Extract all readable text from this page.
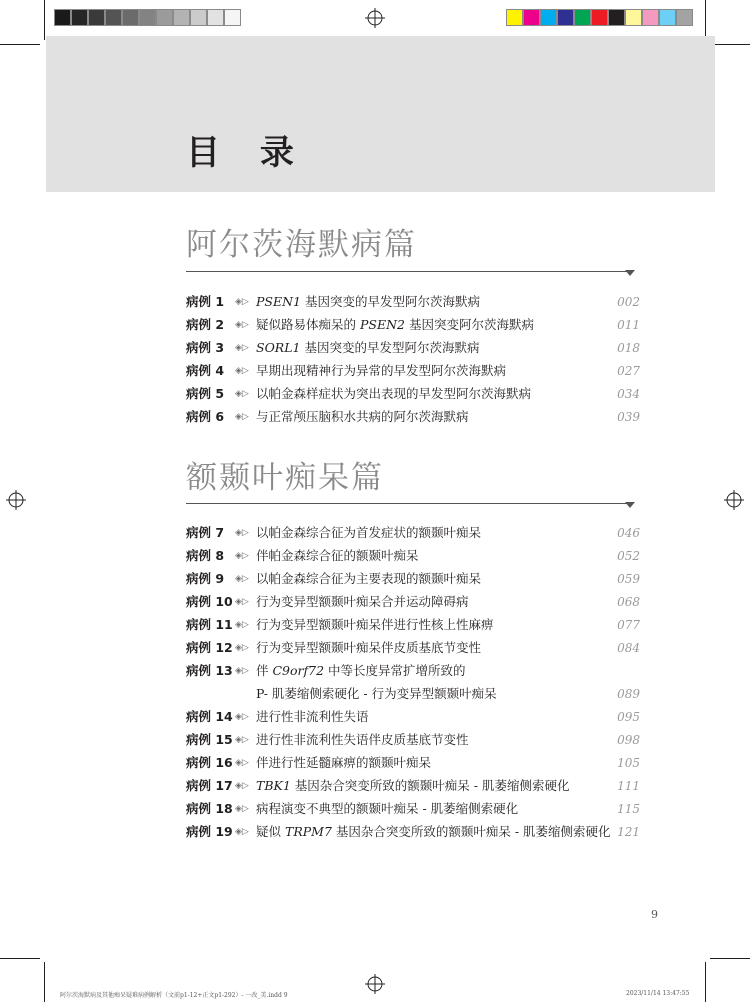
目 录
阿尔茨海默病篇
病例 1 ◈▷ PSEN1 基因突变的早发型阿尔茨海默病	002
病例 2 ◈▷ 疑似路易体痴呆的 PSEN2 基因突变阿尔茨海默病	011
病例 3 ◈▷ SORL1 基因突变的早发型阿尔茨海默病	018
病例 4 ◈▷ 早期出现精神行为异常的早发型阿尔茨海默病	027
病例 5 ◈▷ 以帕金森样症状为突出表现的早发型阿尔茨海默病	034
病例 6 ◈▷ 与正常颅压脑积水共病的阿尔茨海默病	039
额颞叶痴呆篇
病例 7 ◈▷ 以帕金森综合征为首发症状的额颞叶痴呆	046
病例 8 ◈▷ 伴帕金森综合征的额颞叶痴呆	052
病例 9 ◈▷ 以帕金森综合征为主要表现的额颞叶痴呆	059
病例 10 ◈▷ 行为变异型额颞叶痴呆合并运动障碍病	068
病例 11 ◈▷ 行为变异型额颞叶痴呆伴进行性核上性麻痹	077
病例 12 ◈▷ 行为变异型额颞叶痴呆伴皮质基底节变性	084
病例 13 ◈▷ 伴 C9orf72 中等长度异常扩增所致的
P- 肌萎缩侧索硬化 - 行为变异型额颞叶痴呆	089
病例 14 ◈▷ 进行性非流利性失语	095
病例 15 ◈▷ 进行性非流利性失语伴皮质基底节变性	098
病例 16 ◈▷ 伴进行性延髓麻痹的额颞叶痴呆	105
病例 17 ◈▷ TBK1 基因杂合突变所致的额颞叶痴呆 - 肌萎缩侧索硬化	111
病例 18 ◈▷ 病程演变不典型的额颞叶痴呆 - 肌萎缩侧索硬化	115
病例 19 ◈▷ 疑似 TRPM7 基因杂合突变所致的额颞叶痴呆 - 肌萎缩侧索硬化 121
9
阿尔茨海默病及其他痴呆疑难病例解析（文前p1-12+正文p1-292）- 一改_美.indd 9	2023/11/14 13:47:55
